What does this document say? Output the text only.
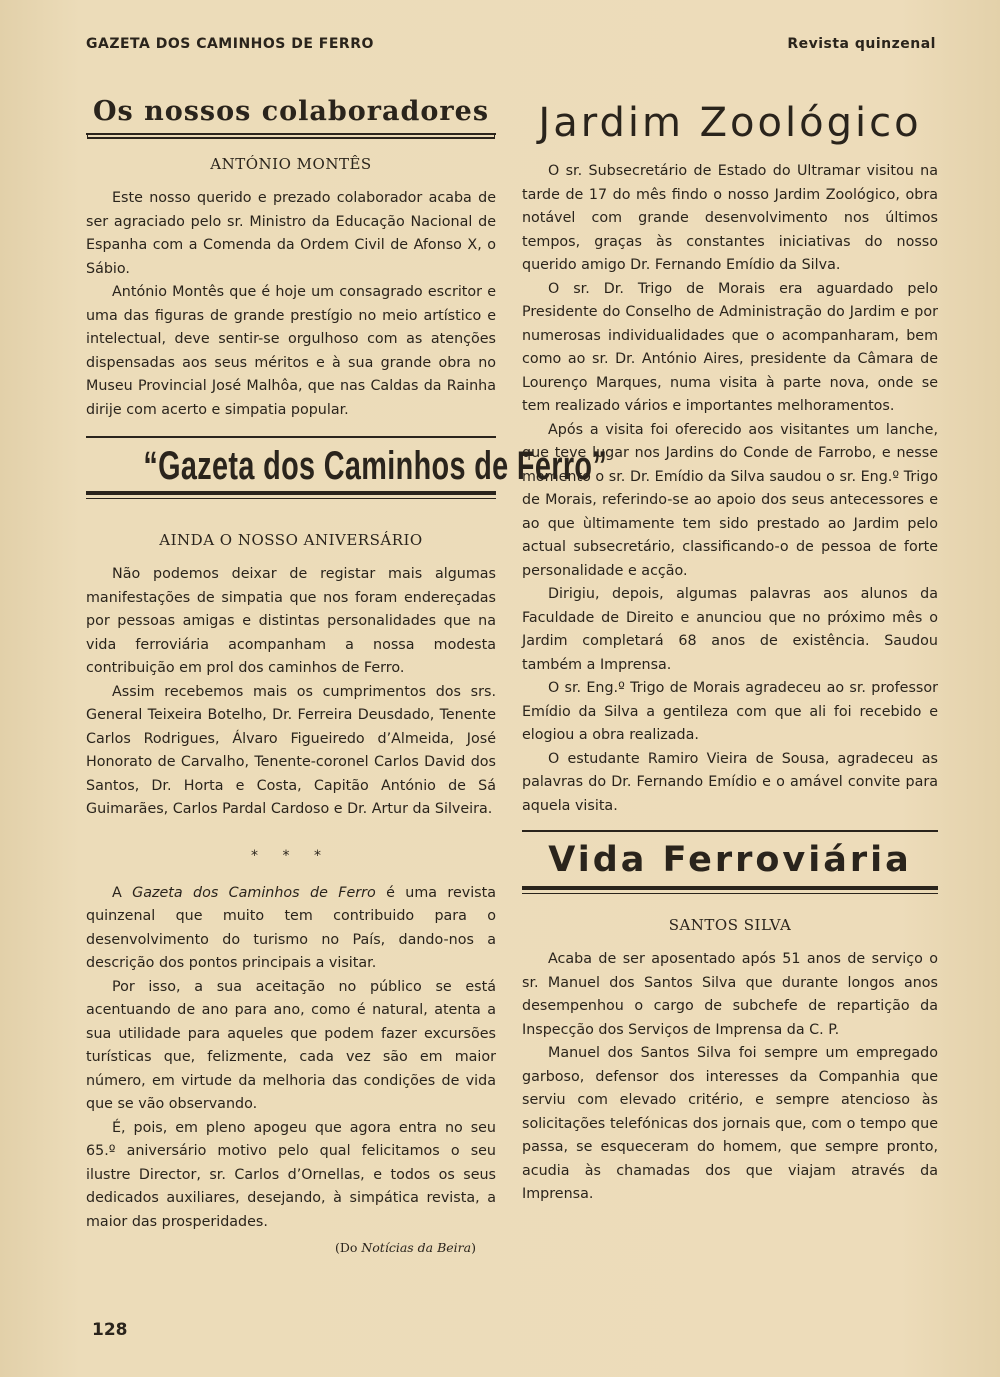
GAZETA DOS CAMINHOS DE FERRO	Revista quinzenal
Os nossos colaboradores
ANTÓNIO MONTÊS

Este nosso querido e prezado colaborador acaba de ser agraciado pelo sr. Ministro da Educação Nacional de Espanha com a Comenda da Ordem Civil de Afonso X, o Sábio.

António Montês que é hoje um consagrado escritor e uma das figuras de grande prestígio no meio artístico e intelectual, deve sentir-se orgulhoso com as atenções dispensadas aos seus méritos e à sua grande obra no Museu Provincial José Malhôa, que nas Caldas da Rainha dirije com acerto e simpatia popular.

“Gazeta dos Caminhos de Ferro”
AINDA O NOSSO ANIVERSÁRIO

Não podemos deixar de registar mais algumas manifestações de simpatia que nos foram endereçadas por pessoas amigas e distintas personalidades que na vida ferroviária acompanham a nossa modesta contribuição em prol dos caminhos de Ferro.

Assim recebemos mais os cumprimentos dos srs. General Teixeira Botelho, Dr. Ferreira Deusdado, Tenente Carlos Rodrigues, Álvaro Figueiredo d’Almeida, José Honorato de Carvalho, Tenente-coronel Carlos David dos Santos, Dr. Horta e Costa, Capitão António de Sá Guimarães, Carlos Pardal Cardoso e Dr. Artur da Silveira.

* * *

A Gazeta dos Caminhos de Ferro é uma revista quinzenal que muito tem contribuido para o desenvolvimento do turismo no País, dando-nos a descrição dos pontos principais a visitar.

Por isso, a sua aceitação no público se está acentuando de ano para ano, como é natural, atenta a sua utilidade para aqueles que podem fazer excursões turísticas que, felizmente, cada vez são em maior número, em virtude da melhoria das condições de vida que se vão observando.

É, pois, em pleno apogeu que agora entra no seu 65.º aniversário motivo pelo qual felicitamos o seu ilustre Director, sr. Carlos d’Ornellas, e todos os seus dedicados auxiliares, desejando, à simpática revista, a maior das prosperidades.

(Do Notícias da Beira)
Jardim Zoológico

O sr. Subsecretário de Estado do Ultramar visitou na tarde de 17 do mês findo o nosso Jardim Zoológico, obra notável com grande desenvolvimento nos últimos tempos, graças às constantes iniciativas do nosso querido amigo Dr. Fernando Emídio da Silva.

O sr. Dr. Trigo de Morais era aguardado pelo Presidente do Conselho de Administração do Jardim e por numerosas individualidades que o acompanharam, bem como ao sr. Dr. António Aires, presidente da Câmara de Lourenço Marques, numa visita à parte nova, onde se tem realizado vários e importantes melhoramentos.

Após a visita foi oferecido aos visitantes um lanche, que teve lugar nos Jardins do Conde de Farrobo, e nesse momento o sr. Dr. Emídio da Silva saudou o sr. Eng.º Trigo de Morais, referindo-se ao apoio dos seus antecessores e ao que ùltimamente tem sido prestado ao Jardim pelo actual subsecretário, classificando-o de pessoa de forte personalidade e acção.

Dirigiu, depois, algumas palavras aos alunos da Faculdade de Direito e anunciou que no próximo mês o Jardim completará 68 anos de existência. Saudou também a Imprensa.

O sr. Eng.º Trigo de Morais agradeceu ao sr. professor Emídio da Silva a gentileza com que ali foi recebido e elogiou a obra realizada.

O estudante Ramiro Vieira de Sousa, agradeceu as palavras do Dr. Fernando Emídio e o amável convite para aquela visita.

Vida Ferroviária
SANTOS SILVA

Acaba de ser aposentado após 51 anos de serviço o sr. Manuel dos Santos Silva que durante longos anos desempenhou o cargo de subchefe de repartição da Inspecção dos Serviços de Imprensa da C. P.

Manuel dos Santos Silva foi sempre um empregado garboso, defensor dos interesses da Companhia que serviu com elevado critério, e sempre atencioso às solicitações telefónicas dos jornais que, com o tempo que passa, se esqueceram do homem, que sempre pronto, acudia às chamadas dos que viajam através da Imprensa.

128
